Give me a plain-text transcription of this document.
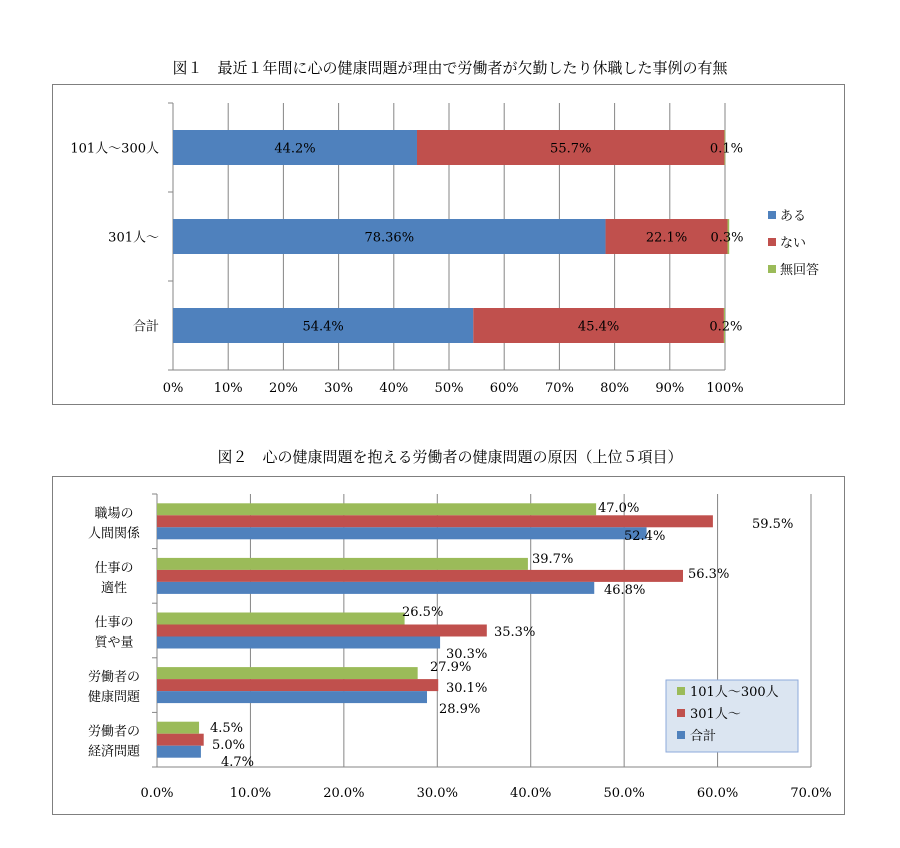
図１　最近１年間に心の健康問題が理由で労働者が欠勤したり休職した事例の有無
図２　心の健康問題を抱える労働者の健康問題の原因（上位５項目）
0% 10% 20% 30% 40% 50% 60% 70% 80% 90% 100%
101人～300人	44.2%	55.7%	0.1%
301人～	78.36%	22.1% 0.3%
合計	54.4%	45.4%	0.2%
ある
ない
無回答
0.0%	10.0%	20.0%	30.0%	40.0%	50.0%	60.0%	70.0%
職場の
人間関係
仕事の
適性
仕事の
質や量
労働者の
健康問題
労働者の
経済問題
47.0%
59.5%
52.4%
39.7%
56.3%
46.8%
26.5%
35.3%
30.3%
27.9%
30.1%
28.9%
4.5%
5.0%
4.7%
101人～300人
301人～
合計
